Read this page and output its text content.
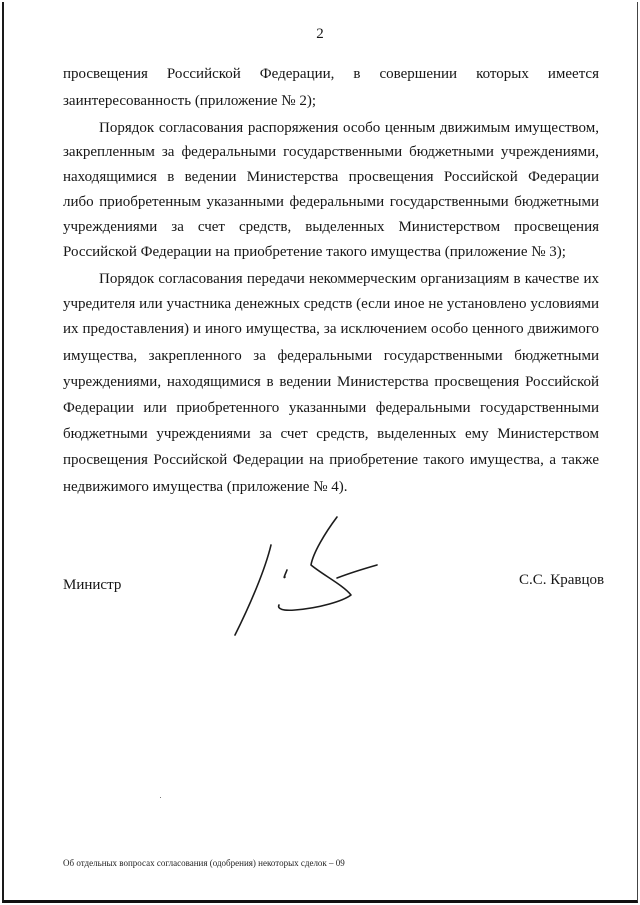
2
просвещения Российской Федерации, в совершении которых имеется
заинтересованность (приложение № 2);
Порядок согласования распоряжения особо ценным движимым имуществом,
закрепленным за федеральными государственными бюджетными учреждениями,
находящимися в ведении Министерства просвещения Российской Федерации
либо приобретенным указанными федеральными государственными бюджетными
учреждениями за счет средств, выделенных Министерством просвещения
Российской Федерации на приобретение такого имущества (приложение № 3);
Порядок согласования передачи некоммерческим организациям в качестве их
учредителя или участника денежных средств (если иное не установлено условиями
их предоставления) и иного имущества, за исключением особо ценного движимого
имущества, закрепленного за федеральными государственными бюджетными
учреждениями, находящимися в ведении Министерства просвещения Российской
Федерации или приобретенного указанными федеральными государственными
бюджетными учреждениями за счет средств, выделенных ему Министерством
просвещения Российской Федерации на приобретение такого имущества, а также
недвижимого имущества (приложение № 4).
Министр	С.С. Кравцов
Об отдельных вопросах согласования (одобрения) некоторых сделок – 09
